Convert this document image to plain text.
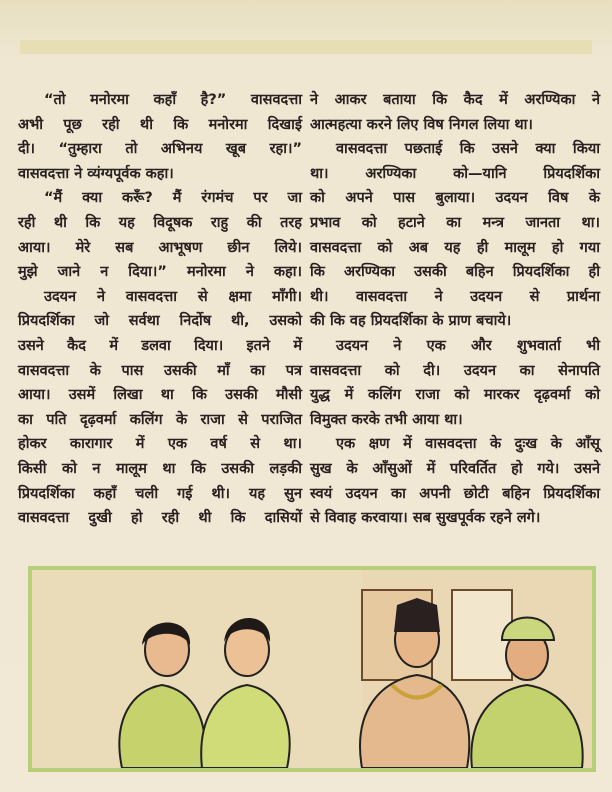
“तो मनोरमा कहाँ है?” वासवदत्ता
अभी पूछ रही थी कि मनोरमा दिखाई
दी। “तुम्हारा तो अभिनय खूब रहा।”
वासवदत्ता ने व्यंग्यपूर्वक कहा।
“मैं क्या करूँ? मैं रंगमंच पर जा
रही थी कि यह विदूषक राहु की तरह
आया। मेरे सब आभूषण छीन लिये।
मुझे जाने न दिया।” मनोरमा ने कहा।
उदयन ने वासवदत्ता से क्षमा माँगी।
प्रियदर्शिका जो सर्वथा निर्दोष थी, उसको
उसने कैद में डलवा दिया। इतने में
वासवदत्ता के पास उसकी माँ का पत्र
आया। उसमें लिखा था कि उसकी मौसी
का पति दृढ़वर्मा कलिंग के राजा से पराजित
होकर कारागार में एक वर्ष से था।
किसी को न मालूम था कि उसकी लड़की
प्रियदर्शिका कहाँ चली गई थी। यह सुन
वासवदत्ता दुखी हो रही थी कि दासियों
ने आकर बताया कि कैद में अरण्यिका ने
आत्महत्या करने लिए विष निगल लिया था।
वासवदत्ता पछताई कि उसने क्या किया
था। अरण्यिका को—यानि प्रियदर्शिका
को अपने पास बुलाया। उदयन विष के
प्रभाव को हटाने का मन्त्र जानता था।
वासवदत्ता को अब यह ही मालूम हो गया
कि अरण्यिका उसकी बहिन प्रियदर्शिका ही
थी। वासवदत्ता ने उदयन से प्रार्थना
की कि वह प्रियदर्शिका के प्राण बचाये।
उदयन ने एक और शुभवार्ता भी
वासवदत्ता को दी। उदयन का सेनापति
युद्ध में कलिंग राजा को मारकर दृढ़वर्मा को
विमुक्त करके तभी आया था।
एक क्षण में वासवदत्ता के दुःख के आँसू
सुख के आँसुओं में परिवर्तित हो गये। उसने
स्वयं उदयन का अपनी छोटी बहिन प्रियदर्शिका
से विवाह करवाया। सब सुखपूर्वक रहने लगे।
